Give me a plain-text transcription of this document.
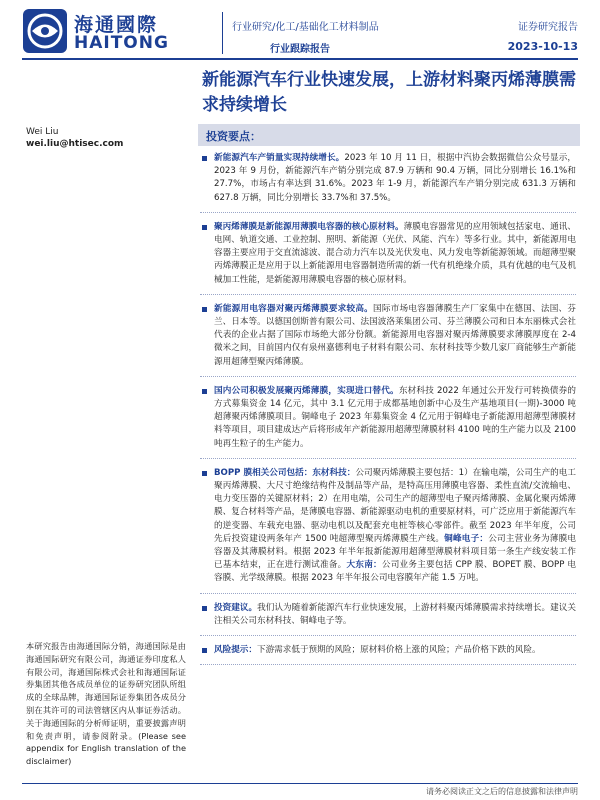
海通國際
HAITONG
行业研究/化工/基础化工材料制品
行业跟踪报告
证券研究报告
2023-10-13
新能源汽车行业快速发展，上游材料聚丙烯薄膜需求持续增长
Wei Liu
wei.liu@htisec.com
投资要点：
新能源汽车产销量实现持续增长。2023 年 10 月 11 日，根据中汽协会数据微信公众号显示，2023 年 9 月份，新能源汽车产销分别完成 87.9 万辆和 90.4 万辆，同比分别增长 16.1%和 27.7%，市场占有率达到 31.6%。2023 年 1-9 月，新能源汽车产销分别完成 631.3 万辆和 627.8 万辆，同比分别增长 33.7%和 37.5%。
聚丙烯薄膜是新能源用薄膜电容器的核心原材料。薄膜电容器常见的应用领域包括家电、通讯、电网、轨道交通、工业控制、照明、新能源（光伏、风能、汽车）等多行业。其中，新能源用电容器主要应用于交直流滤波、混合动力汽车以及光伏发电、风力发电等新能源领域。而超薄型聚丙烯薄膜正是应用于以上新能源用电容器制造所需的新一代有机绝缘介质，具有优越的电气及机械加工性能，是新能源用薄膜电容器的核心原材料。
新能源用电容器对聚丙烯薄膜要求较高。国际市场电容器薄膜生产厂家集中在德国、法国、芬兰、日本等。以德国创斯普有限公司、法国波洛莱集团公司、芬兰薄膜公司和日本东丽株式会社代表的企业占据了国际市场绝大部分份额。新能源用电容器对聚丙烯薄膜要求薄膜厚度在 2-4 微米之间，目前国内仅有泉州嘉德利电子材料有限公司、东材科技等少数几家厂商能够生产新能源用超薄型聚丙烯薄膜。
国内公司积极发展聚丙烯薄膜，实现进口替代。东材科技 2022 年通过公开发行可转换债券的方式募集资金 14 亿元，其中 3.1 亿元用于成都基地创新中心及生产基地项目(一期)-3000 吨超薄聚丙烯薄膜项目。铜峰电子 2023 年募集资金 4 亿元用于铜峰电子新能源用超薄型薄膜材料等项目，项目建成达产后将形成年产新能源用超薄型薄膜材料 4100 吨的生产能力以及 2100 吨再生粒子的生产能力。
BOPP 膜相关公司包括：东材科技：公司聚丙烯薄膜主要包括：1）在输电端，公司生产的电工聚丙烯薄膜、大尺寸绝缘结构件及制品等产品，是特高压用薄膜电容器、柔性直流/交流输电、电力变压器的关键原材料；2）在用电端，公司生产的超薄型电子聚丙烯薄膜、金属化聚丙烯薄膜、复合材料等产品，是薄膜电容器、新能源驱动电机的重要原材料，可广泛应用于新能源汽车的逆变器、车载充电器、驱动电机以及配套充电桩等核心零部件。截至 2023 年半年度，公司先后投资建设两条年产 1500 吨超薄型聚丙烯薄膜生产线。铜峰电子：公司主营业务为薄膜电容器及其薄膜材料。根据 2023 年半年报新能源用超薄型薄膜材料项目第一条生产线安装工作已基本结束，正在进行测试准备。大东南：公司业务主要包括 CPP 膜、BOPET 膜、BOPP 电容膜、光学级薄膜。根据 2023 年半年报公司电容膜年产能 1.5 万吨。
投资建议。我们认为随着新能源汽车行业快速发展，上游材料聚丙烯薄膜需求持续增长。建议关注相关公司东材科技、铜峰电子等。
风险提示：下游需求低于预期的风险；原材料价格上涨的风险；产品价格下跌的风险。
本研究报告由海通国际分销，海通国际是由海通国际研究有限公司，海通证券印度私人有限公司，海通国际株式会社和海通国际证券集团其他各成员单位的证券研究团队所组成的全球品牌，海通国际证券集团各成员分别在其许可的司法管辖区内从事证券活动。关于海通国际的分析师证明，重要披露声明和免责声明，请参阅附录。(Please see appendix for English translation of the disclaimer)
请务必阅读正文之后的信息披露和法律声明
